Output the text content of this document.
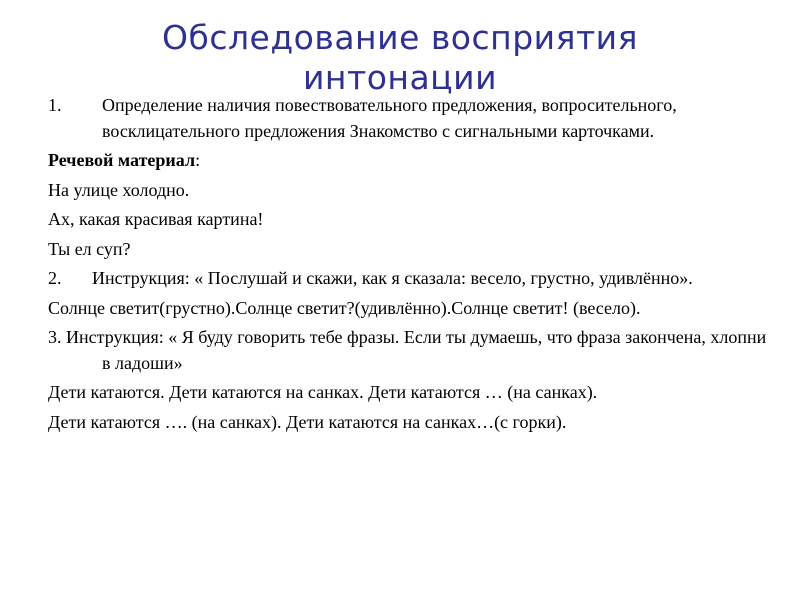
Обследование восприятия
интонации

1. Определение наличия повествовательного предложения, вопросительного, восклицательного предложения Знакомство с сигнальными карточками.

Речевой материал:

На улице холодно.

Ах, какая красивая картина!

Ты ел суп?

2. Инструкция: « Послушай и скажи, как я сказала: весело, грустно, удивлённо».

Солнце светит(грустно).Солнце светит?(удивлённо).Солнце светит! (весело).

3. Инструкция: « Я буду говорить тебе фразы. Если ты думаешь, что фраза закончена, хлопни в ладоши»

Дети катаются. Дети катаются на санках. Дети катаются … (на санках).

Дети катаются …. (на санках). Дети катаются на санках…(с горки).
